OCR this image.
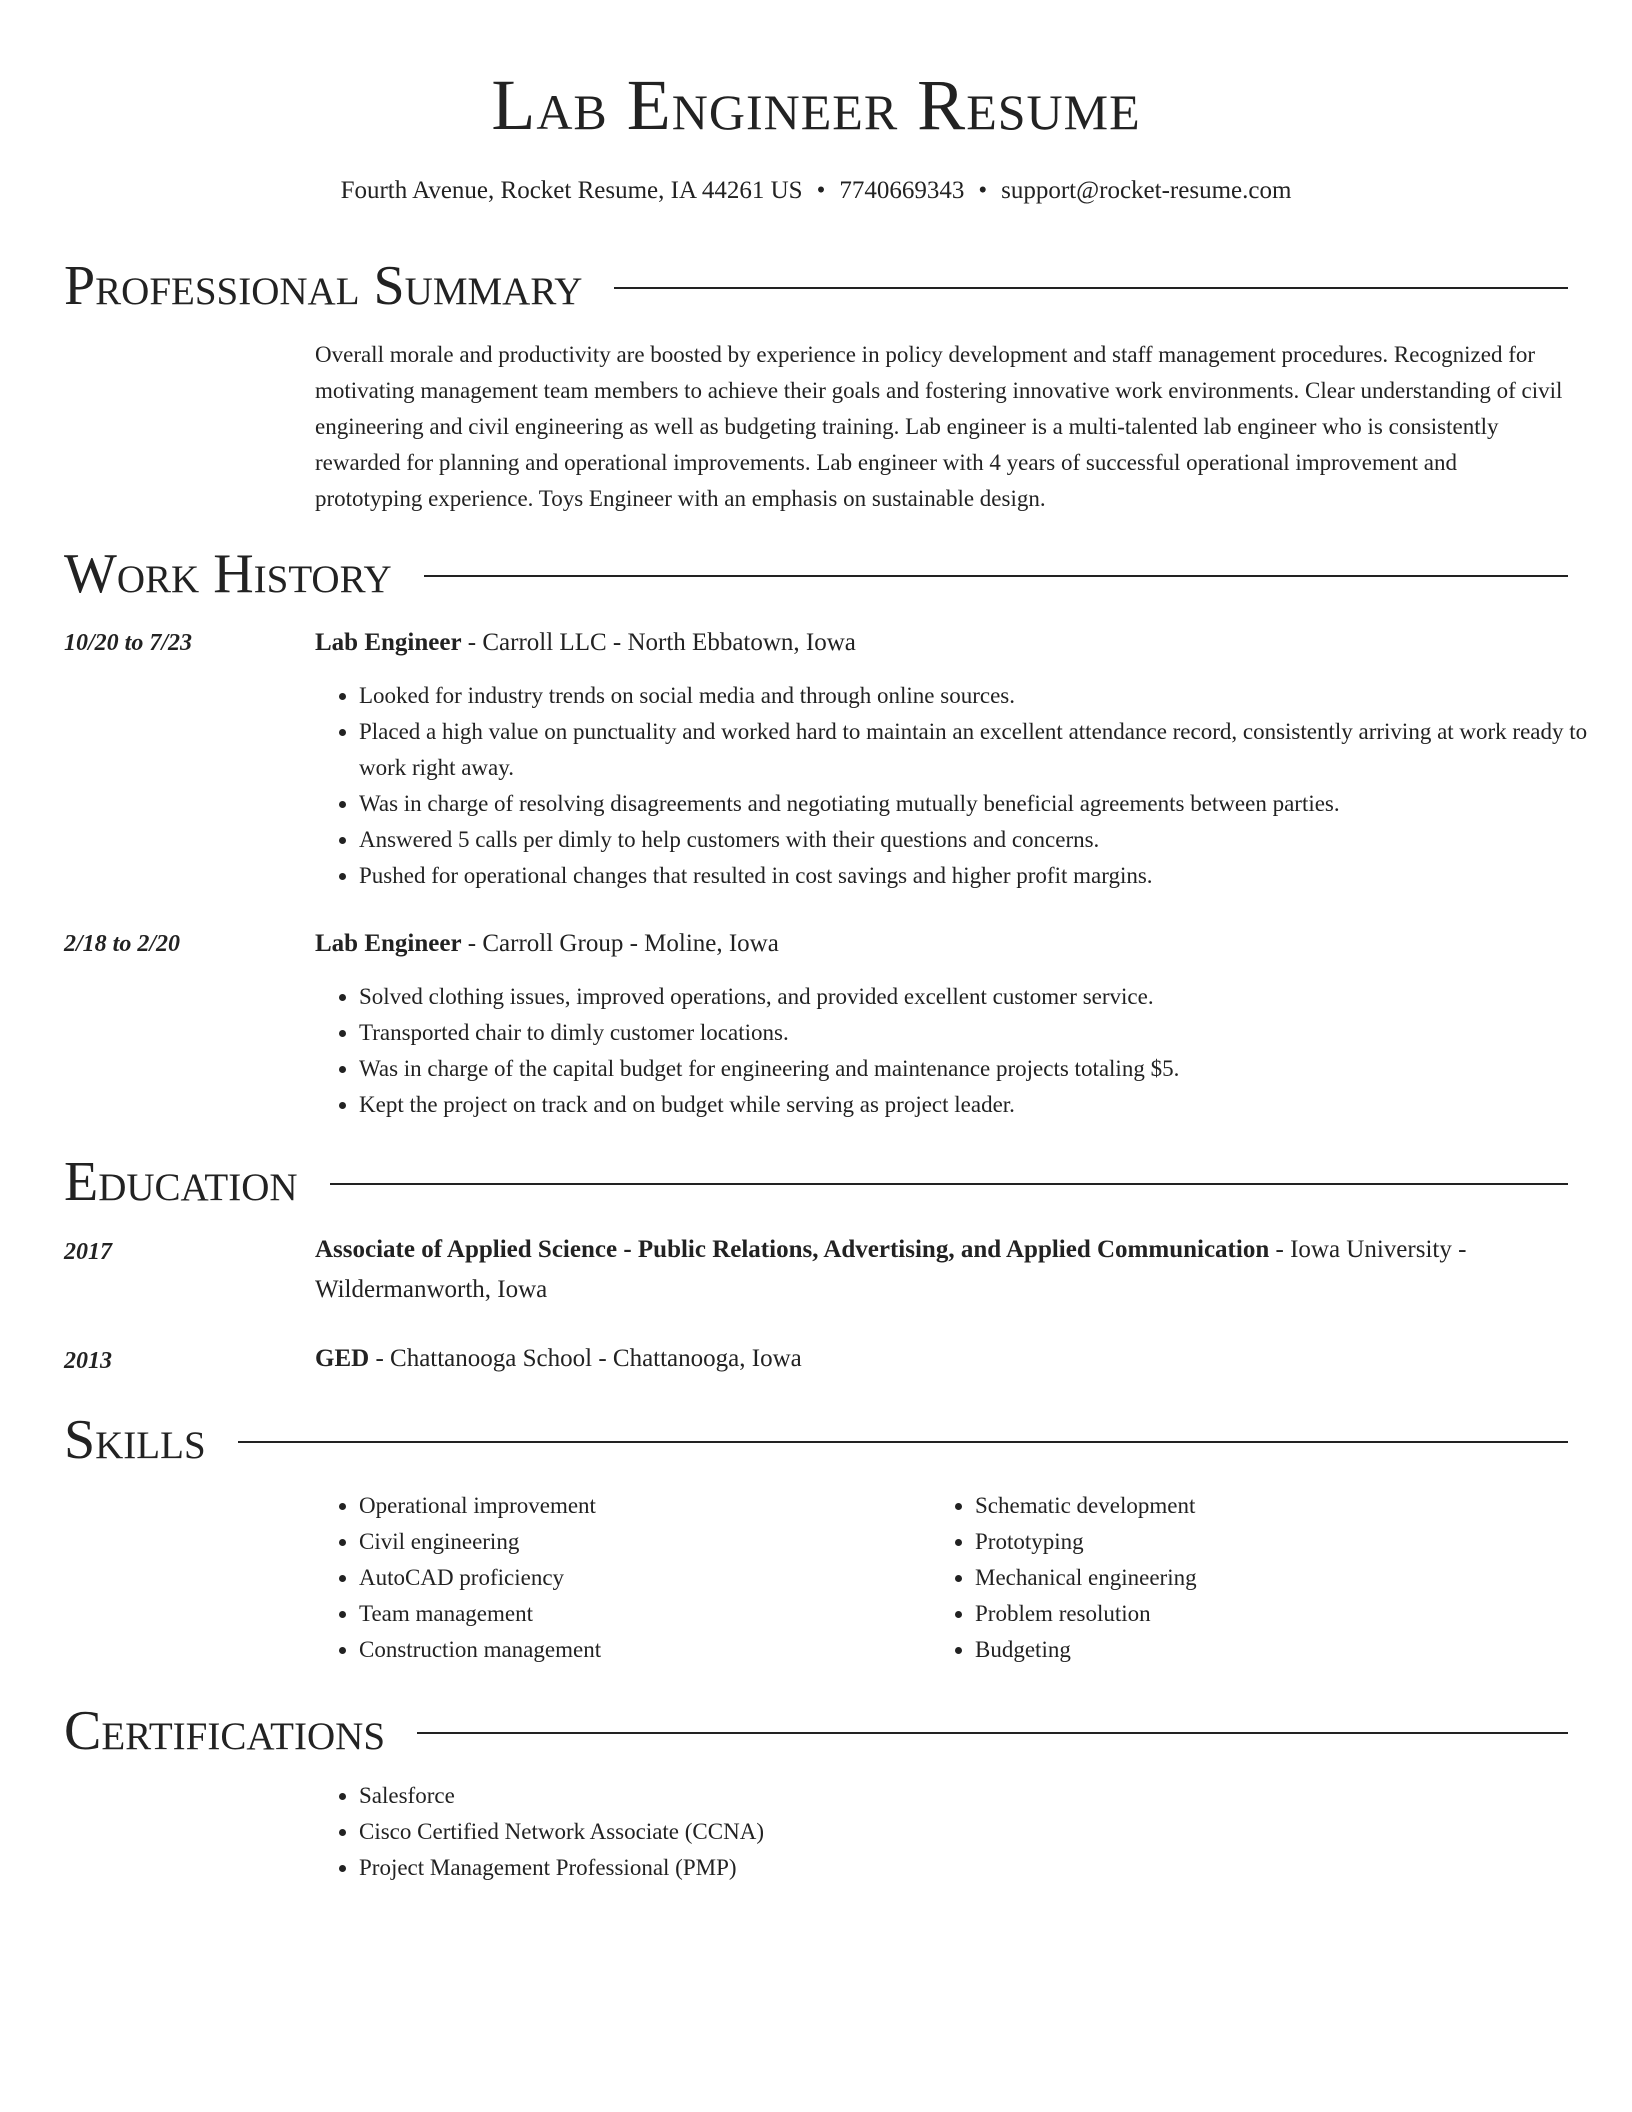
Lab Engineer Resume
Fourth Avenue, Rocket Resume, IA 44261 US • 7740669343 • support@rocket-resume.com
Professional Summary

Overall morale and productivity are boosted by experience in policy development and staff management procedures. Recognized for motivating management team members to achieve their goals and fostering innovative work environments. Clear understanding of civil engineering and civil engineering as well as budgeting training. Lab engineer is a multi-talented lab engineer who is consistently rewarded for planning and operational improvements. Lab engineer with 4 years of successful operational improvement and prototyping experience. Toys Engineer with an emphasis on sustainable design.

Work History
10/20 to 7/23	Lab Engineer - Carroll LLC - North Ebbatown, Iowa
• Looked for industry trends on social media and through online sources.
• Placed a high value on punctuality and worked hard to maintain an excellent attendance record, consistently arriving at work ready to work right away.
• Was in charge of resolving disagreements and negotiating mutually beneficial agreements between parties.
• Answered 5 calls per dimly to help customers with their questions and concerns.
• Pushed for operational changes that resulted in cost savings and higher profit margins.
2/18 to 2/20	Lab Engineer - Carroll Group - Moline, Iowa
• Solved clothing issues, improved operations, and provided excellent customer service.
• Transported chair to dimly customer locations.
• Was in charge of the capital budget for engineering and maintenance projects totaling $5.
• Kept the project on track and on budget while serving as project leader.
Education
2017	Associate of Applied Science - Public Relations, Advertising, and Applied Communication - Iowa University - Wildermanworth, Iowa
2013	GED - Chattanooga School - Chattanooga, Iowa
Skills
• Operational improvement
• Civil engineering
• AutoCAD proficiency
• Team management
• Construction management
• Schematic development
• Prototyping
• Mechanical engineering
• Problem resolution
• Budgeting
Certifications
• Salesforce
• Cisco Certified Network Associate (CCNA)
• Project Management Professional (PMP)
